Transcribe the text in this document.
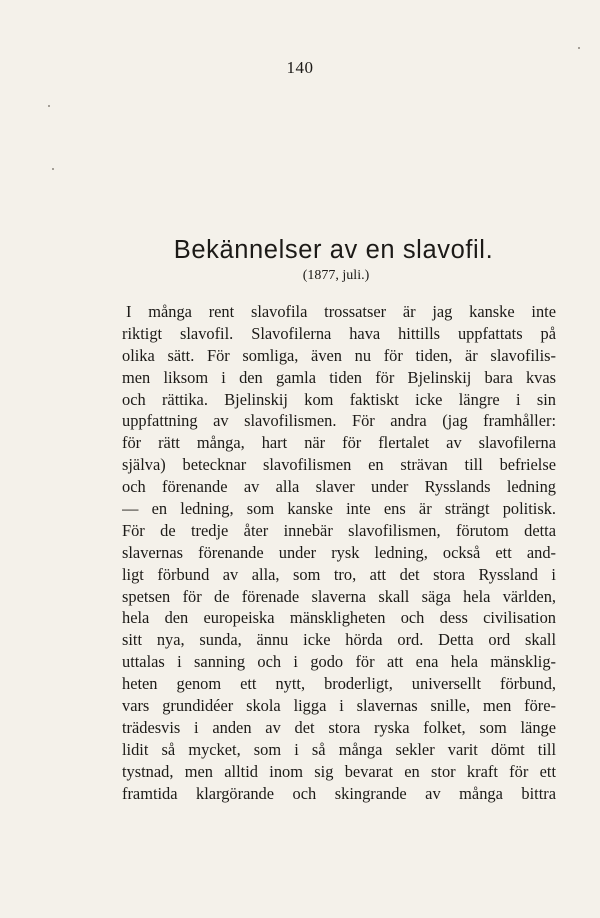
140
Bekännelser av en slavofil.
(1877, juli.)
I många rent slavofila trossatser är jag kanske inte
riktigt slavofil. Slavofilerna hava hittills uppfattats på
olika sätt. För somliga, även nu för tiden, är slavofilis-
men liksom i den gamla tiden för Bjelinskij bara kvas
och rättika. Bjelinskij kom faktiskt icke längre i sin
uppfattning av slavofilismen. För andra (jag framhåller:
för rätt många, hart när för flertalet av slavofilerna
själva) betecknar slavofilismen en strävan till befrielse
och förenande av alla slaver under Rysslands ledning
— en ledning, som kanske inte ens är strängt politisk.
För de tredje åter innebär slavofilismen, förutom detta
slavernas förenande under rysk ledning, också ett and-
ligt förbund av alla, som tro, att det stora Ryssland i
spetsen för de förenade slaverna skall säga hela världen,
hela den europeiska mänskligheten och dess civilisation
sitt nya, sunda, ännu icke hörda ord. Detta ord skall
uttalas i sanning och i godo för att ena hela mänsklig-
heten genom ett nytt, broderligt, universellt förbund,
vars grundidéer skola ligga i slavernas snille, men före-
trädesvis i anden av det stora ryska folket, som länge
lidit så mycket, som i så många sekler varit dömt till
tystnad, men alltid inom sig bevarat en stor kraft för ett
framtida klargörande och skingrande av många bittra
